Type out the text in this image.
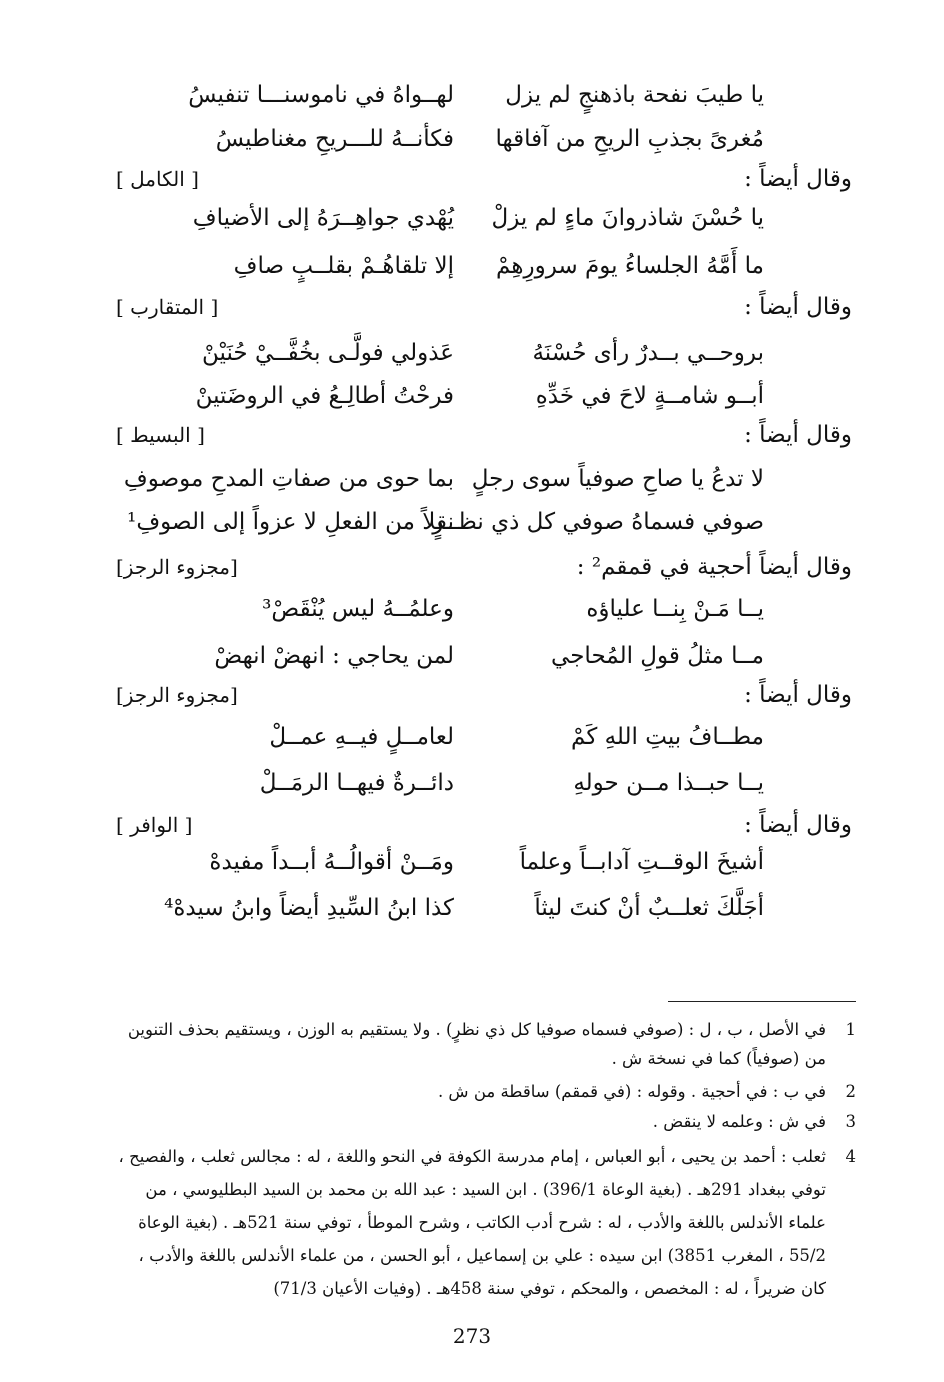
يا طيبَ نفحة باذهنجٍ لم يزل
لهــواهُ في ناموسنـــا تنفيسُ
مُغرىً بجذبِ الريحِ من آفاقها
فكأنــهُ للـــريحِ مغناطيسُ
وقال أيضاً :
[ الكامل ]
يا حُسْنَ شاذروانَ ماءٍ لم يزلْ
يُهْدي جواهِــرَهُ إلى الأضيافِ
ما أَمَّهُ الجلساءُ يومَ سرورِهِمْ
إلا تلقاهُـمْ بقلــبٍ صافِ
وقال أيضاً :
[ المتقارب ]
بروحــي بــدرٌ رأى حُسْنَهُ
عَذولي فولَّـى بخُفَّــيْ حُنَيْنْ
أبــو شامــةٍ لاحَ في خَدِّهِ
فرحْتُ أطالِـعُ في الروضَتينْ
وقال أيضاً :
[ البسيط ]
لا تدعُ يا صاحِ صوفياً سوى رجلٍ
بما حوى من صفاتِ المدحِ موصوفِ
صوفي فسماهُ صوفي كل ذي نظــرٍ
نقلاً من الفعلِ لا عزواً إلى الصوفِ¹
وقال أيضاً أحجية في قمقم² :
[مجزوء الرجز]
يــا مَـنْ بِنــا علياؤه
وعلمُــهُ ليس يُنْقَصْ³
مــا مثلُ قولِ المُحاجي
لمن يحاجي : انهضْ انهضْ
وقال أيضاً :
[مجزوء الرجز]
مطــافُ بيتِ اللهِ كَمْ
لعامــلٍ فيــهِ عمــلْ
يــا حبــذا مــن حولهِ
دائــرةٌ فيهــا الرمَــلْ
وقال أيضاً :
[ الوافر ]
أشيخَ الوقــتِ آدابــاً وعلماً
ومَــنْ أقوالُــهُ أبــداً مفيدهْ
أجَلَّكَ ثعلــبٌ أنْ كنتَ ليثاً
كذا ابنُ السِّيدِ أيضاً وابنُ سيدهْ⁴
1
في الأصل ، ب ، ل : (صوفي فسماه صوفيا كل ذي نظرٍ) . ولا يستقيم به الوزن ، ويستقيم بحذف التنوين
من (صوفياً) كما في نسخة ش .
2
في ب : في أحجية . وقوله : (في قمقم) ساقطة من ش .
3
في ش : وعلمه لا ينقض .
4
ثعلب : أحمد بن يحيى ، أبو العباس ، إمام مدرسة الكوفة في النحو واللغة ، له : مجالس ثعلب ، والفصيح ،
توفي ببغداد 291هـ . (بغية الوعاة 396/1) . ابن السيد : عبد الله بن محمد بن السيد البطليوسي ، من
علماء الأندلس باللغة والأدب ، له : شرح أدب الكاتب ، وشرح الموطأ ، توفي سنة 521هـ . (بغية الوعاة
55/2 ، المغرب 3851) ابن سيده : علي بن إسماعيل ، أبو الحسن ، من علماء الأندلس باللغة والأدب ،
كان ضريراً ، له : المخصص ، والمحكم ، توفي سنة 458هـ . (وفيات الأعيان 71/3)
273
